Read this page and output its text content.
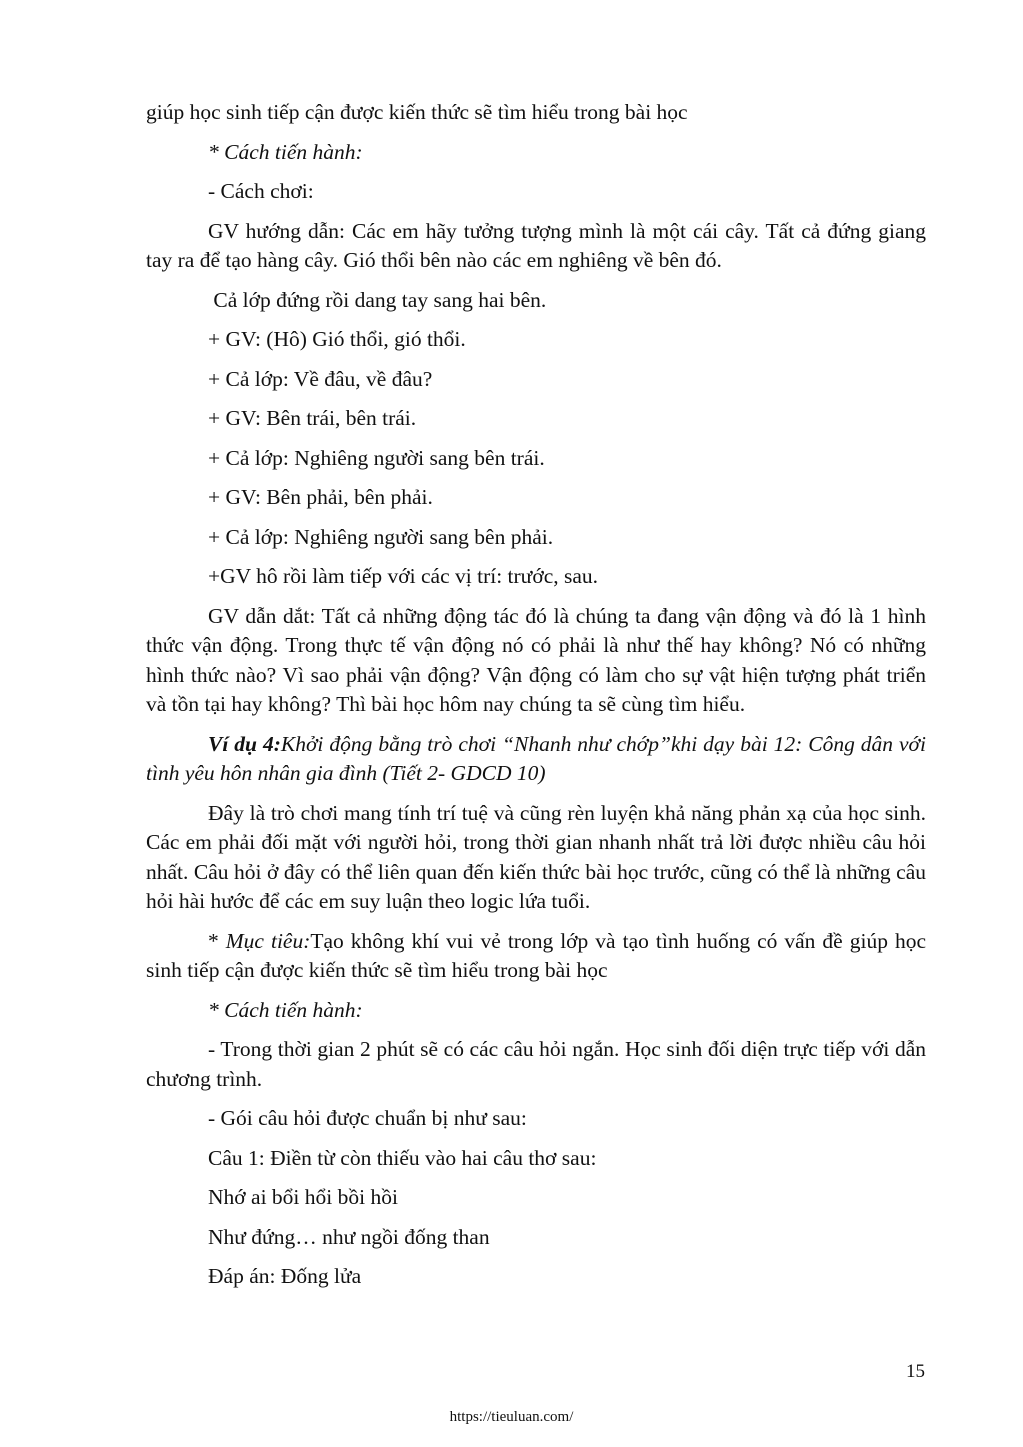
giúp học sinh tiếp cận được kiến thức sẽ tìm hiểu trong bài học

* Cách tiến hành:

- Cách chơi:

GV hướng dẫn: Các em hãy tưởng tượng mình là một cái cây. Tất cả đứng giang tay ra để tạo hàng cây. Gió thổi bên nào các em nghiêng về bên đó.

Cả lớp đứng rồi dang tay sang hai bên.

+ GV: (Hô) Gió thổi, gió thổi.

+ Cả lớp: Về đâu, về đâu?

+ GV: Bên trái, bên trái.

+ Cả lớp: Nghiêng người sang bên trái.

+ GV: Bên phải, bên phải.

+ Cả lớp: Nghiêng người sang bên phải.

+GV hô rồi làm tiếp với các vị trí: trước, sau.

GV dẫn dắt: Tất cả những động tác đó là chúng ta đang vận động và đó là 1 hình thức vận động. Trong thực tế vận động nó có phải là như thế hay không? Nó có những hình thức nào? Vì sao phải vận động? Vận động có làm cho sự vật hiện tượng phát triển và tồn tại hay không? Thì bài học hôm nay chúng ta sẽ cùng tìm hiểu.

Ví dụ 4:Khởi động bằng trò chơi “Nhanh như chớp”khi dạy bài 12: Công dân với tình yêu hôn nhân gia đình (Tiết 2- GDCD 10)

Đây là trò chơi mang tính trí tuệ và cũng rèn luyện khả năng phản xạ của học sinh. Các em phải đối mặt với người hỏi, trong thời gian nhanh nhất trả lời được nhiều câu hỏi nhất. Câu hỏi ở đây có thể liên quan đến kiến thức bài học trước, cũng có thể là những câu hỏi hài hước để các em suy luận theo logic lứa tuổi.

* Mục tiêu:Tạo không khí vui vẻ trong lớp và tạo tình huống có vấn đề giúp học sinh tiếp cận được kiến thức sẽ tìm hiểu trong bài học

* Cách tiến hành:

- Trong thời gian 2 phút sẽ có các câu hỏi ngắn. Học sinh đối diện trực tiếp với dẫn chương trình.

- Gói câu hỏi được chuẩn bị như sau:

Câu 1: Điền từ còn thiếu vào hai câu thơ sau:

Nhớ ai bổi hổi bồi hồi

Như đứng… như ngồi đống than

Đáp án: Đống lửa

15
https://tieuluan.com/
